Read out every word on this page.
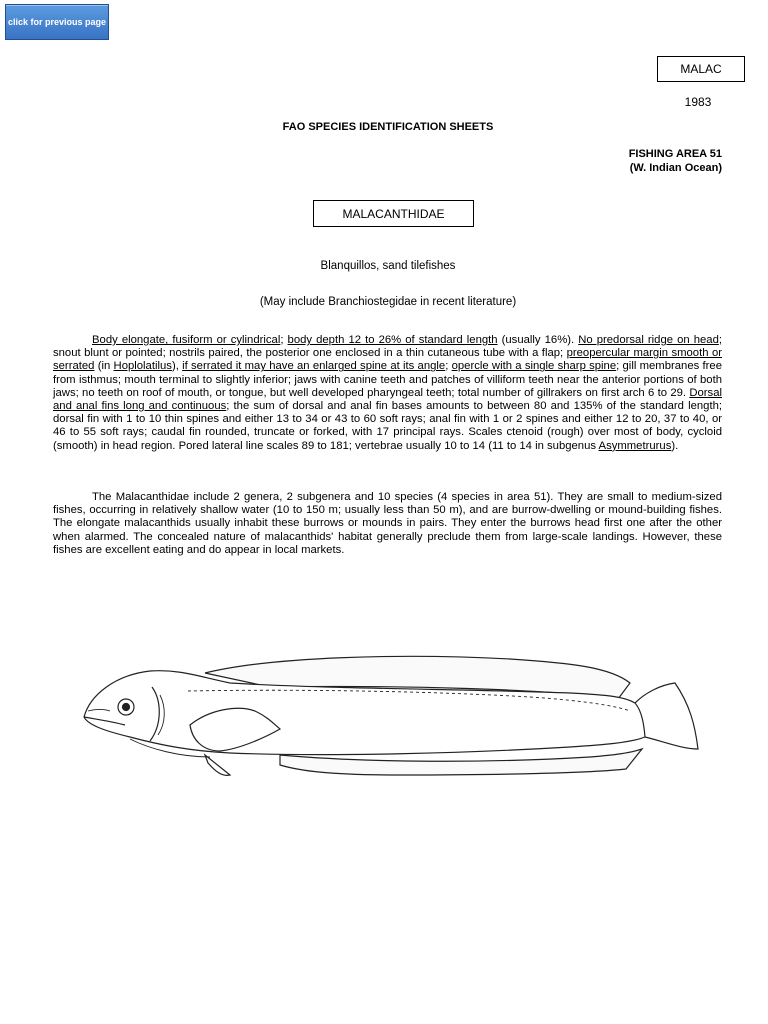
click for previous page
MALAC
1983
FAO SPECIES IDENTIFICATION SHEETS
FISHING AREA 51
(W. Indian Ocean)
MALACANTHIDAE
Blanquillos, sand tilefishes
(May include Branchiostegidae in recent literature)

Body elongate, fusiform or cylindrical; body depth 12 to 26% of standard length (usually 16%). No predorsal ridge on head; snout blunt or pointed; nostrils paired, the posterior one enclosed in a thin cutaneous tube with a flap; preopercular margin smooth or serrated (in Hoplolatilus), if serrated it may have an enlarged spine at its angle; opercle with a single sharp spine; gill membranes free from isthmus; mouth terminal to slightly inferior; jaws with canine teeth and patches of villiform teeth near the anterior portions of both jaws; no teeth on roof of mouth, or tongue, but well developed pharyngeal teeth; total number of gillrakers on first arch 6 to 29. Dorsal and anal fins long and continuous; the sum of dorsal and anal fin bases amounts to between 80 and 135% of the standard length; dorsal fin with 1 to 10 thin spines and either 13 to 34 or 43 to 60 soft rays; anal fin with 1 or 2 spines and either 12 to 20, 37 to 40, or 46 to 55 soft rays; caudal fin rounded, truncate or forked, with 17 principal rays. Scales ctenoid (rough) over most of body, cycloid (smooth) in head region. Pored lateral line scales 89 to 181; vertebrae usually 10 to 14 (11 to 14 in subgenus Asymmetrurus).

The Malacanthidae include 2 genera, 2 subgenera and 10 species (4 species in area 51). They are small to medium-sized fishes, occurring in relatively shallow water (10 to 150 m; usually less than 50 m), and are burrow-dwelling or mound-building fishes. The elongate malacanthids usually inhabit these burrows or mounds in pairs. They enter the burrows head first one after the other when alarmed. The concealed nature of malacanthids' habitat generally preclude them from large-scale landings. However, these fishes are excellent eating and do appear in local markets.
